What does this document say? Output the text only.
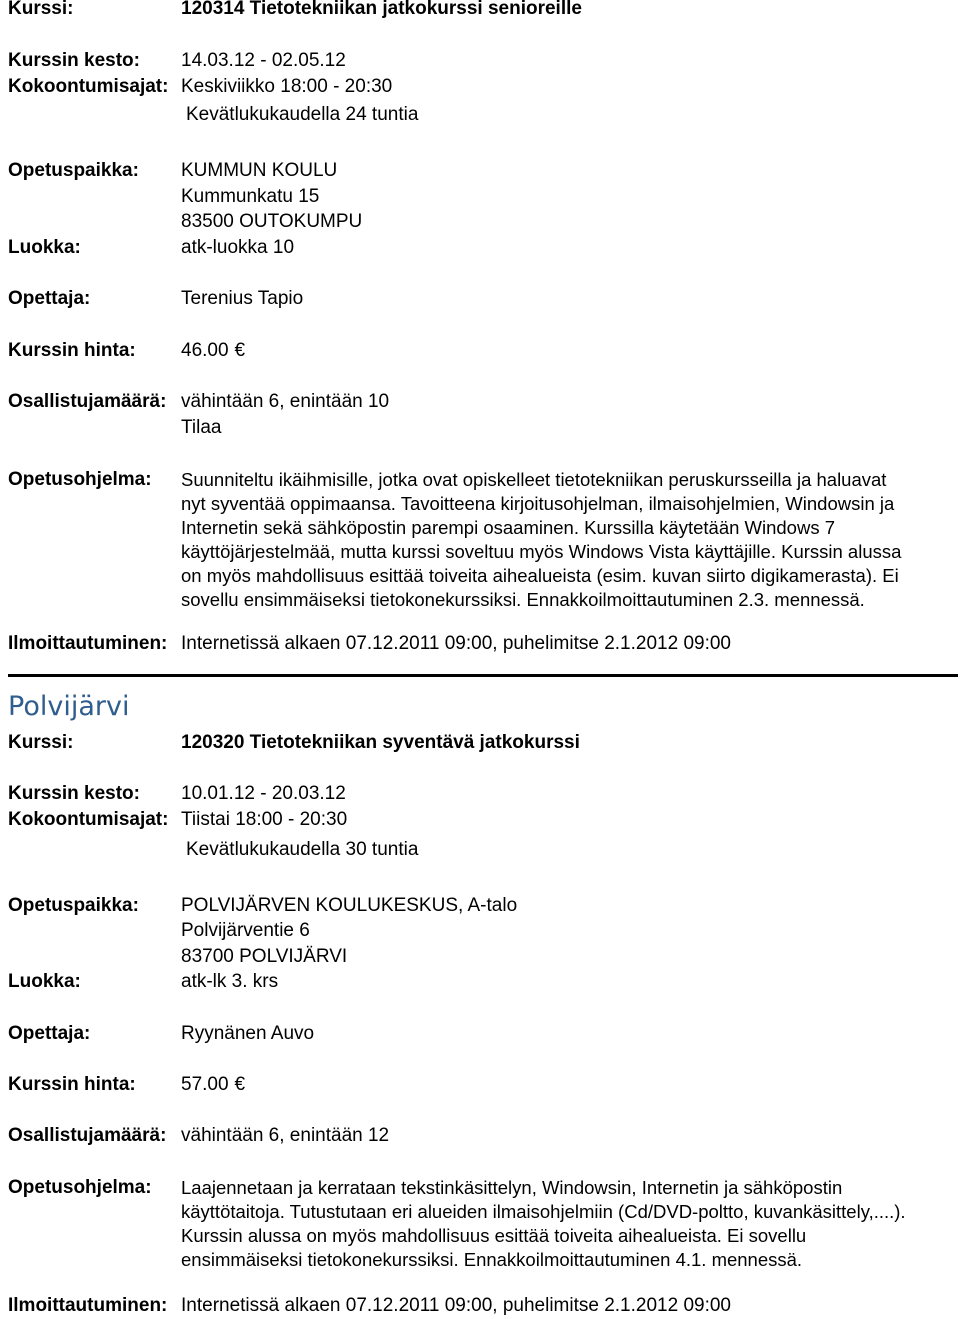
Kurssi:	120314 Tietotekniikan jatkokurssi senioreille
Kurssin kesto: 14.03.12 - 02.05.12
Kokoontumisajat: Keskiviikko 18:00 - 20:30
Kevätlukukaudella 24 tuntia
Opetuspaikka: KUMMUN KOULU
Kummunkatu 15
83500 OUTOKUMPU
Luokka:	atk-luokka 10
Opettaja:	Terenius Tapio
Kurssin hinta: 46.00 €
Osallistujamäärä: vähintään 6, enintään 10
Tilaa
Opetusohjelma: Suunniteltu ikäihmisille, jotka ovat opiskelleet tietotekniikan peruskursseilla ja haluavat
nyt syventää oppimaansa. Tavoitteena kirjoitusohjelman, ilmaisohjelmien, Windowsin ja
Internetin sekä sähköpostin parempi osaaminen. Kurssilla käytetään Windows 7
käyttöjärjestelmää, mutta kurssi soveltuu myös Windows Vista käyttäjille. Kurssin alussa
on myös mahdollisuus esittää toiveita aihealueista (esim. kuvan siirto digikamerasta). Ei
sovellu ensimmäiseksi tietokonekurssiksi. Ennakkoilmoittautuminen 2.3. mennessä.
Ilmoittautuminen: Internetissä alkaen 07.12.2011 09:00, puhelimitse 2.1.2012 09:00
Polvijärvi
Kurssi:	120320 Tietotekniikan syventävä jatkokurssi
Kurssin kesto: 10.01.12 - 20.03.12
Kokoontumisajat: Tiistai 18:00 - 20:30
Kevätlukukaudella 30 tuntia
Opetuspaikka: POLVIJÄRVEN KOULUKESKUS, A-talo
Polvijärventie 6
83700 POLVIJÄRVI
Luokka:	atk-lk 3. krs
Opettaja:	Ryynänen Auvo
Kurssin hinta: 57.00 €
Osallistujamäärä: vähintään 6, enintään 12
Opetusohjelma: Laajennetaan ja kerrataan tekstinkäsittelyn, Windowsin, Internetin ja sähköpostin
käyttötaitoja. Tutustutaan eri alueiden ilmaisohjelmiin (Cd/DVD-poltto, kuvankäsittely,....).
Kurssin alussa on myös mahdollisuus esittää toiveita aihealueista. Ei sovellu
ensimmäiseksi tietokonekurssiksi. Ennakkoilmoittautuminen 4.1. mennessä.
Ilmoittautuminen: Internetissä alkaen 07.12.2011 09:00, puhelimitse 2.1.2012 09:00
